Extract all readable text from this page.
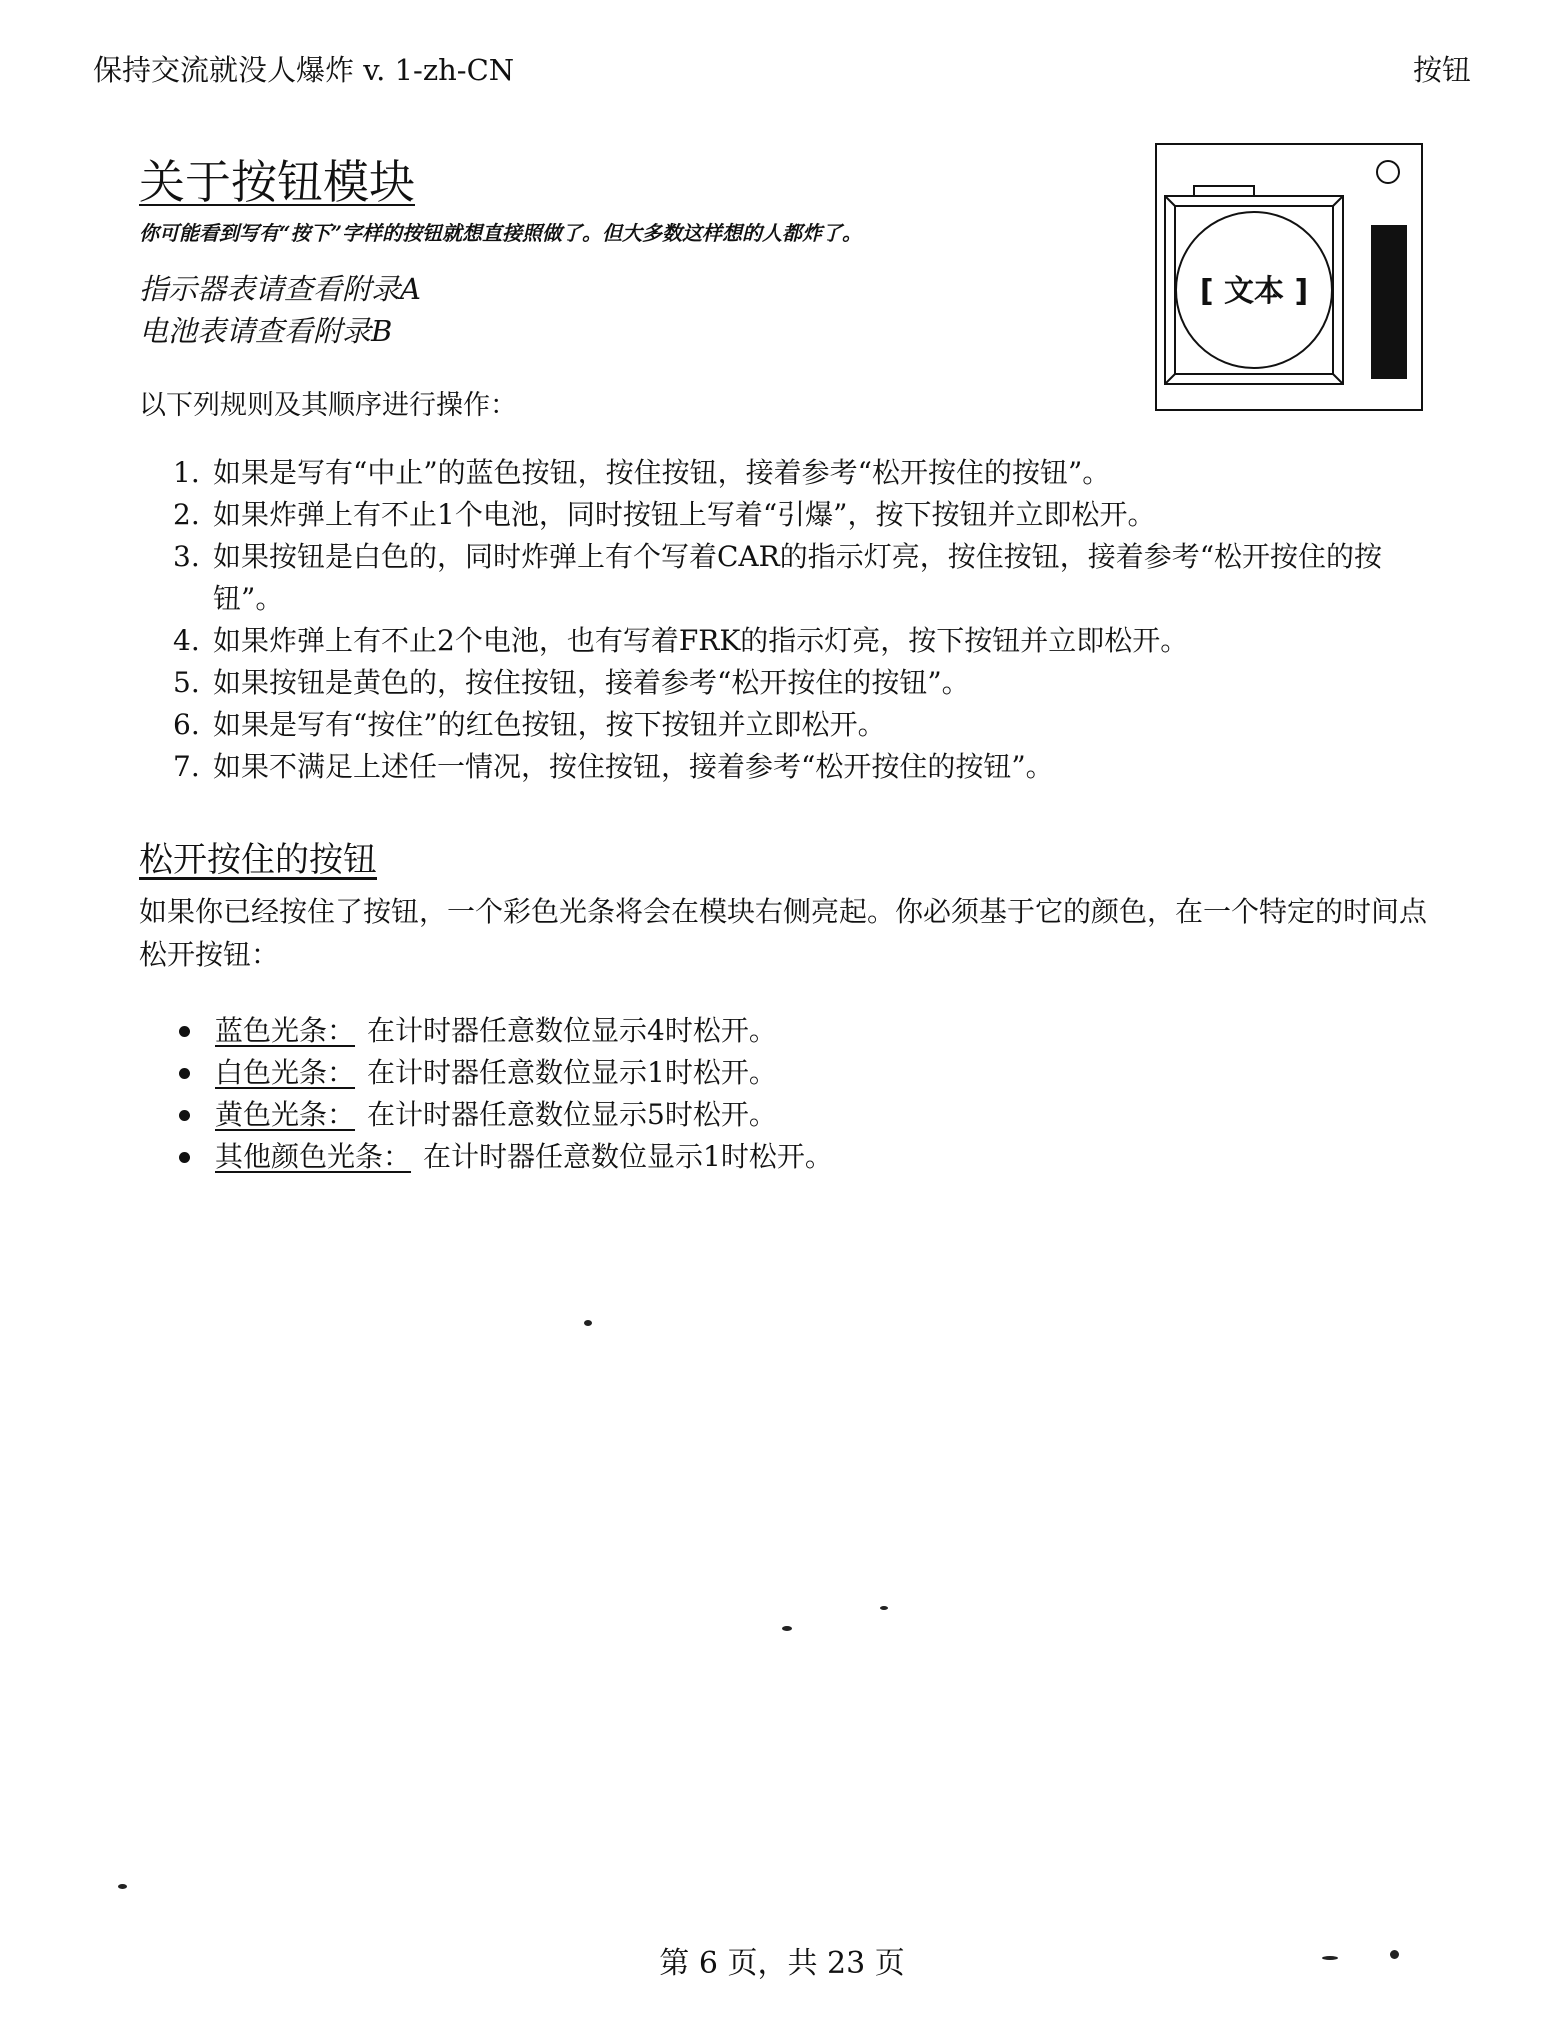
保持交流就没人爆炸 v. 1-zh-CN	按钮
关于按钮模块
你可能看到写有“按下”字样的按钮就想直接照做了。但大多数这样想的人都炸了。
指示器表请查看附录A
电池表请查看附录B
[ 文本 ]
以下列规则及其顺序进行操作：
1. 如果是写有“中止”的蓝色按钮，按住按钮，接着参考“松开按住的按钮”。
2. 如果炸弹上有不止1个电池，同时按钮上写着“引爆”，按下按钮并立即松开。
3. 如果按钮是白色的，同时炸弹上有个写着CAR的指示灯亮，按住按钮，接着参考“松开按住的按钮”。
4. 如果炸弹上有不止2个电池，也有写着FRK的指示灯亮，按下按钮并立即松开。
5. 如果按钮是黄色的，按住按钮，接着参考“松开按住的按钮”。
6. 如果是写有“按住”的红色按钮，按下按钮并立即松开。
7. 如果不满足上述任一情况，按住按钮，接着参考“松开按住的按钮”。
松开按住的按钮
如果你已经按住了按钮，一个彩色光条将会在模块右侧亮起。你必须基于它的颜色，在一个特定的时间点松开按钮：
蓝色光条： 在计时器任意数位显示4时松开。
白色光条： 在计时器任意数位显示1时松开。
黄色光条： 在计时器任意数位显示5时松开。
其他颜色光条： 在计时器任意数位显示1时松开。
第 6 页，共 23 页
